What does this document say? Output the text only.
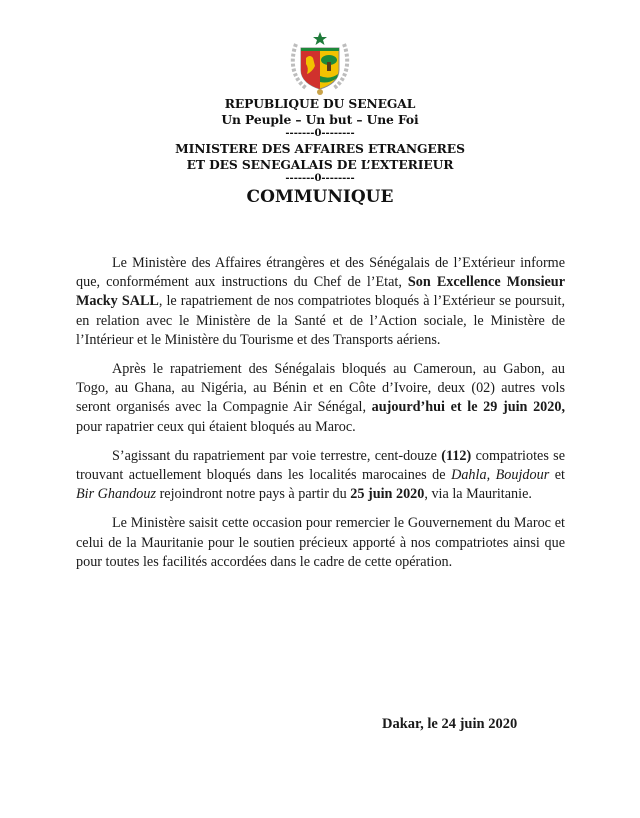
REPUBLIQUE DU SENEGAL
Un Peuple – Un but – Une Foi
-------0--------
MINISTERE DES AFFAIRES ETRANGERES
ET DES SENEGALAIS DE L’EXTERIEUR
-------0--------
COMMUNIQUE

Le Ministère des Affaires étrangères et des Sénégalais de l’Extérieur informe que, conformément aux instructions du Chef de l’Etat, Son Excellence Monsieur Macky SALL, le rapatriement de nos compatriotes bloqués à l’Extérieur se poursuit, en relation avec le Ministère de la Santé et de l’Action sociale, le Ministère de l’Intérieur et le Ministère du Tourisme et des Transports aériens.

Après le rapatriement des Sénégalais bloqués au Cameroun, au Gabon, au Togo, au Ghana, au Nigéria, au Bénin et en Côte d’Ivoire, deux (02) autres vols seront organisés avec la Compagnie Air Sénégal, aujourd’hui et le 29 juin 2020, pour rapatrier ceux qui étaient bloqués au Maroc.

S’agissant du rapatriement par voie terrestre, cent-douze (112) compatriotes se trouvant actuellement bloqués dans les localités marocaines de Dahla, Boujdour et Bir Ghandouz rejoindront notre pays à partir du 25 juin 2020, via la Mauritanie.

Le Ministère saisit cette occasion pour remercier le Gouvernement du Maroc et celui de la Mauritanie pour le soutien précieux apporté à nos compatriotes ainsi que pour toutes les facilités accordées dans le cadre de cette opération.

Dakar, le 24 juin 2020
